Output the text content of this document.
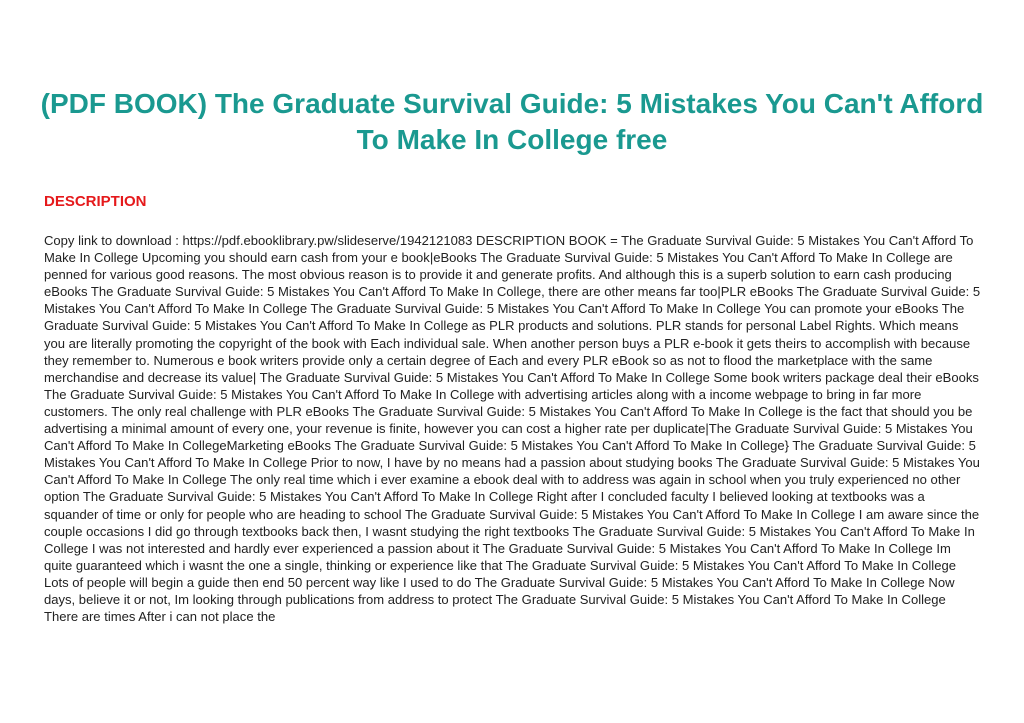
(PDF BOOK) The Graduate Survival Guide: 5 Mistakes You Can't Afford To Make In College free
DESCRIPTION

Copy link to download : https://pdf.ebooklibrary.pw/slideserve/1942121083 DESCRIPTION BOOK = The Graduate Survival Guide: 5 Mistakes You Can't Afford To Make In College Upcoming you should earn cash from your e book|eBooks The Graduate Survival Guide: 5 Mistakes You Can't Afford To Make In College are penned for various good reasons. The most obvious reason is to provide it and generate profits. And although this is a superb solution to earn cash producing eBooks The Graduate Survival Guide: 5 Mistakes You Can't Afford To Make In College, there are other means far too|PLR eBooks The Graduate Survival Guide: 5 Mistakes You Can't Afford To Make In College The Graduate Survival Guide: 5 Mistakes You Can't Afford To Make In College You can promote your eBooks The Graduate Survival Guide: 5 Mistakes You Can't Afford To Make In College as PLR products and solutions. PLR stands for personal Label Rights. Which means you are literally promoting the copyright of the book with Each individual sale. When another person buys a PLR e-book it gets theirs to accomplish with because they remember to. Numerous e book writers provide only a certain degree of Each and every PLR eBook so as not to flood the marketplace with the same merchandise and decrease its value| The Graduate Survival Guide: 5 Mistakes You Can't Afford To Make In College Some book writers package deal their eBooks The Graduate Survival Guide: 5 Mistakes You Can't Afford To Make In College with advertising articles along with a income webpage to bring in far more customers. The only real challenge with PLR eBooks The Graduate Survival Guide: 5 Mistakes You Can't Afford To Make In College is the fact that should you be advertising a minimal amount of every one, your revenue is finite, however you can cost a higher rate per duplicate|The Graduate Survival Guide: 5 Mistakes You Can't Afford To Make In CollegeMarketing eBooks The Graduate Survival Guide: 5 Mistakes You Can't Afford To Make In College} The Graduate Survival Guide: 5 Mistakes You Can't Afford To Make In College Prior to now, I have by no means had a passion about studying books The Graduate Survival Guide: 5 Mistakes You Can't Afford To Make In College The only real time which i ever examine a ebook deal with to address was again in school when you truly experienced no other option The Graduate Survival Guide: 5 Mistakes You Can't Afford To Make In College Right after I concluded faculty I believed looking at textbooks was a squander of time or only for people who are heading to school The Graduate Survival Guide: 5 Mistakes You Can't Afford To Make In College I am aware since the couple occasions I did go through textbooks back then, I wasnt studying the right textbooks The Graduate Survival Guide: 5 Mistakes You Can't Afford To Make In College I was not interested and hardly ever experienced a passion about it The Graduate Survival Guide: 5 Mistakes You Can't Afford To Make In College Im quite guaranteed which i wasnt the one a single, thinking or experience like that The Graduate Survival Guide: 5 Mistakes You Can't Afford To Make In College Lots of people will begin a guide then end 50 percent way like I used to do The Graduate Survival Guide: 5 Mistakes You Can't Afford To Make In College Now days, believe it or not, Im looking through publications from address to protect The Graduate Survival Guide: 5 Mistakes You Can't Afford To Make In College There are times After i can not place the
